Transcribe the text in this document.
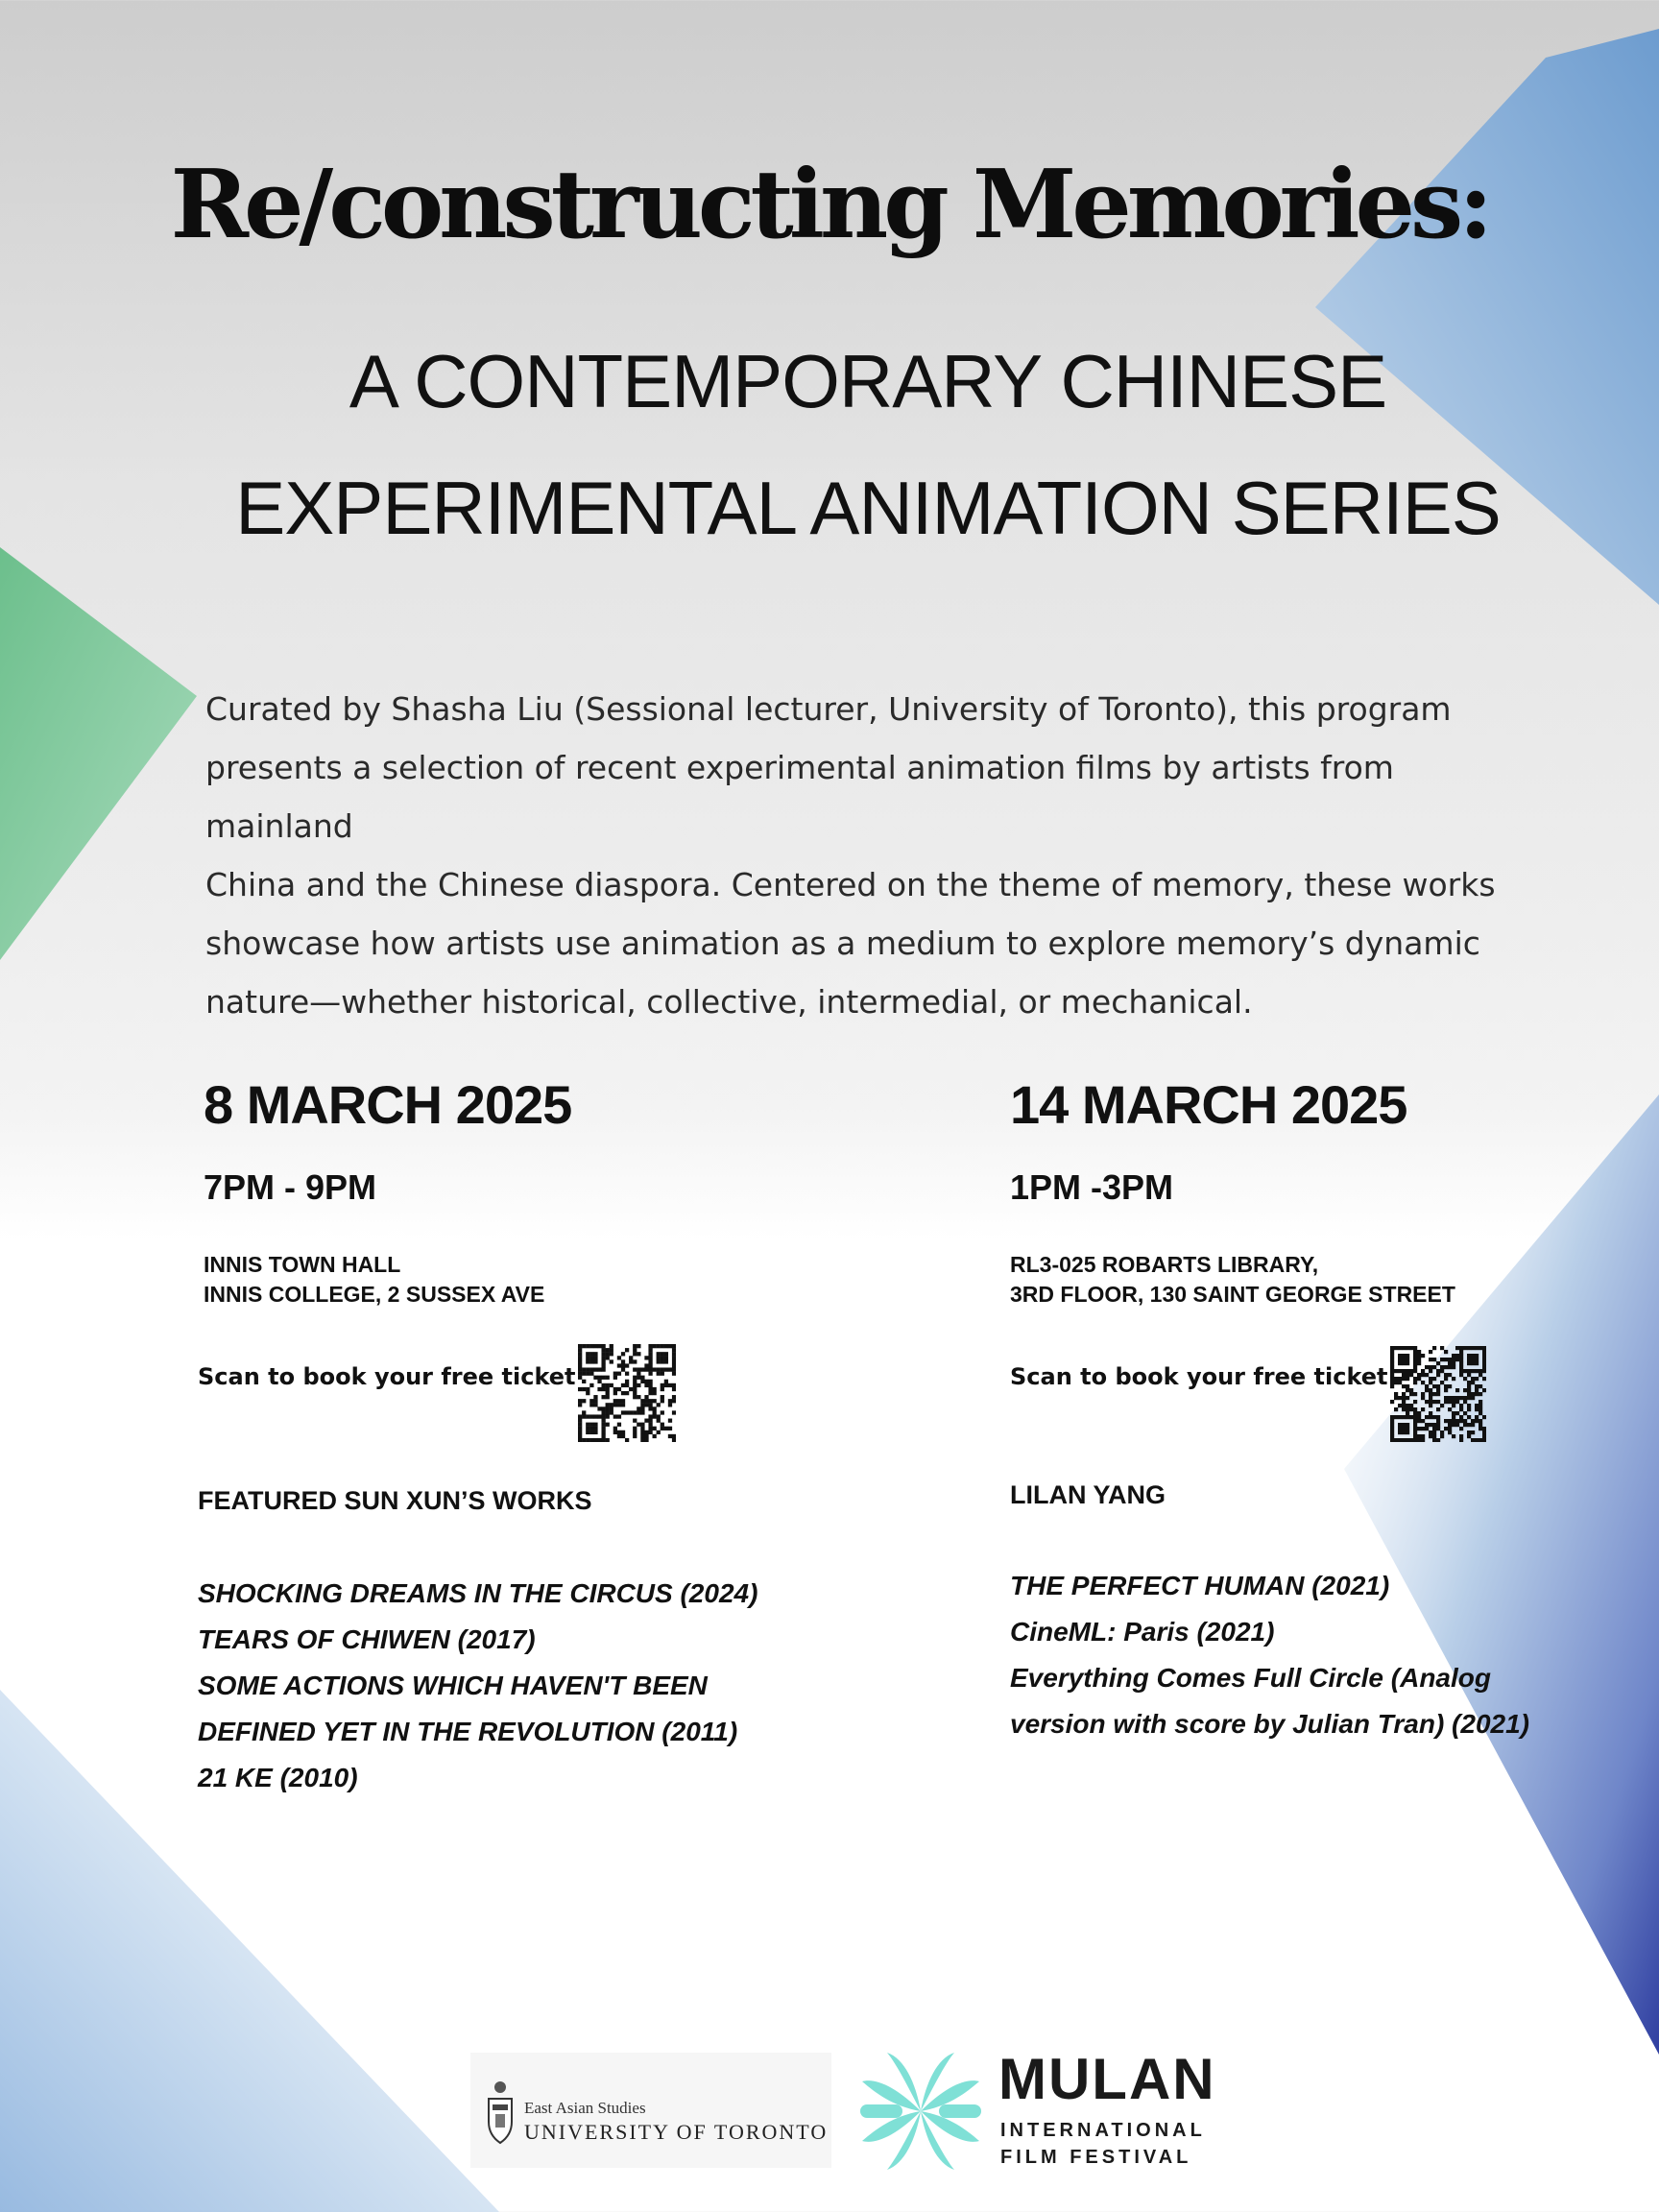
Re/constructing Memories:
A CONTEMPORARY CHINESE
EXPERIMENTAL ANIMATION SERIES
Curated by Shasha Liu (Sessional lecturer, University of Toronto), this program
presents a selection of recent experimental animation films by artists from mainland
China and the Chinese diaspora. Centered on the theme of memory, these works
showcase how artists use animation as a medium to explore memory’s dynamic
nature—whether historical, collective, intermedial, or mechanical.
8 MARCH 2025
7PM - 9PM
INNIS TOWN HALL
INNIS COLLEGE, 2 SUSSEX AVE
Scan to book your free ticket
FEATURED SUN XUN’S WORKS
SHOCKING DREAMS IN THE CIRCUS (2024)
TEARS OF CHIWEN (2017)
SOME ACTIONS WHICH HAVEN'T BEEN
DEFINED YET IN THE REVOLUTION (2011)
21 KE (2010)
14 MARCH 2025
1PM -3PM
RL3-025 ROBARTS LIBRARY,
3RD FLOOR, 130 SAINT GEORGE STREET
Scan to book your free ticket
LILAN YANG
THE PERFECT HUMAN (2021)
CineML: Paris (2021)
Everything Comes Full Circle (Analog
version with score by Julian Tran) (2021)
East Asian Studies
UNIVERSITY OF TORONTO
MULAN
INTERNATIONAL
FILM FESTIVAL
